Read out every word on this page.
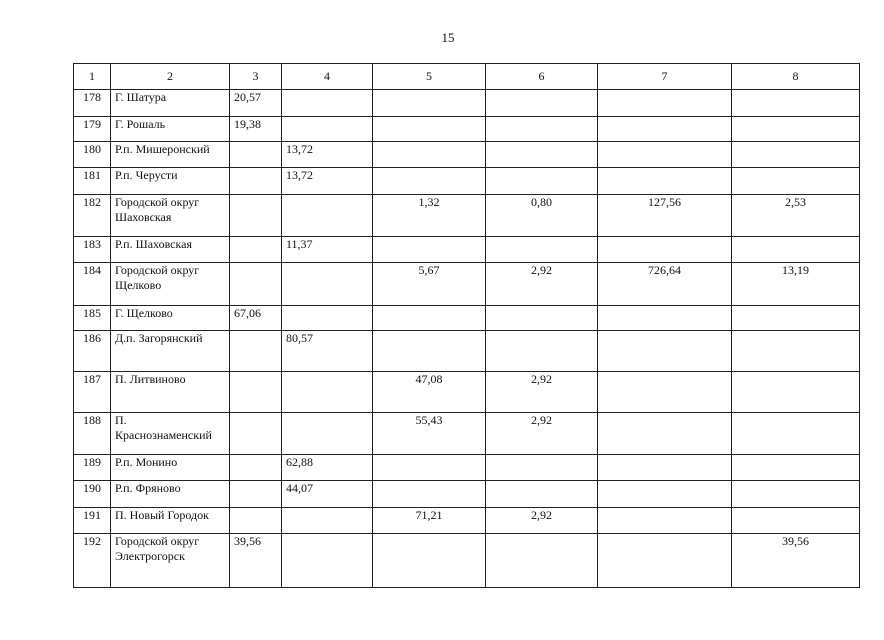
15
1	2	3	4	5	6	7	8
178	Г. Шатура	20,57					
179	Г. Рошаль	19,38					
180	Р.п. Мишеронский		13,72				
181	Р.п. Черусти		13,72				
182	Городской округ Шаховская			1,32	0,80	127,56	2,53
183	Р.п. Шаховская		11,37				
184	Городской округ Щелково			5,67	2,92	726,64	13,19
185	Г. Щелково	67,06					
186	Д.п. Загорянский		80,57				
187	П. Литвиново			47,08	2,92		
188	П. Краснознаменский			55,43	2,92		
189	Р.п. Монино		62,88				
190	Р.п. Фряново		44,07				
191	П. Новый Городок			71,21	2,92		
192	Городской округ Электрогорск	39,56					39,56
